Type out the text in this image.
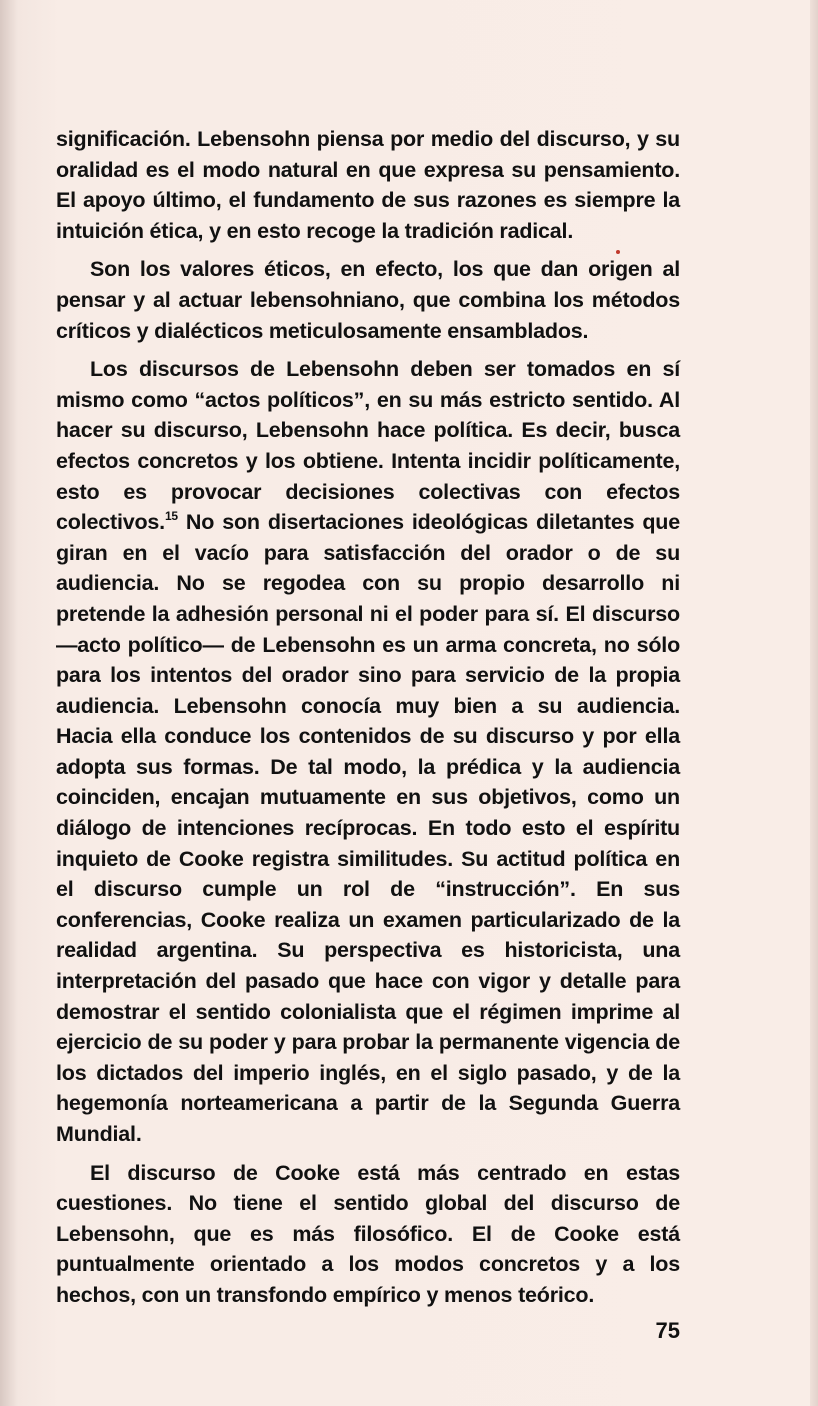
significación. Lebensohn piensa por medio del discurso, y su oralidad es el modo natural en que expresa su pensamiento. El apoyo último, el fundamento de sus razones es siempre la intuición ética, y en esto recoge la tradición radical.

Son los valores éticos, en efecto, los que dan origen al pensar y al actuar lebensohniano, que combina los métodos críticos y dialécticos meticulosamente ensamblados.

Los discursos de Lebensohn deben ser tomados en sí mismo como “actos políticos”, en su más estricto sentido. Al hacer su discurso, Lebensohn hace política. Es decir, busca efectos concretos y los obtiene. Intenta incidir políticamente, esto es provocar decisiones colectivas con efectos colectivos.$^{15}$ No son disertaciones ideológicas diletantes que giran en el vacío para satisfacción del orador o de su audiencia. No se regodea con su propio desarrollo ni pretende la adhesión personal ni el poder para sí. El discurso —acto político— de Lebensohn es un arma concreta, no sólo para los intentos del orador sino para servicio de la propia audiencia. Lebensohn conocía muy bien a su audiencia. Hacia ella conduce los contenidos de su discurso y por ella adopta sus formas. De tal modo, la prédica y la audiencia coinciden, encajan mutuamente en sus objetivos, como un diálogo de intenciones recíprocas. En todo esto el espíritu inquieto de Cooke registra similitudes. Su actitud política en el discurso cumple un rol de “instrucción”. En sus conferencias, Cooke realiza un examen particularizado de la realidad argentina. Su perspectiva es historicista, una interpretación del pasado que hace con vigor y detalle para demostrar el sentido colonialista que el régimen imprime al ejercicio de su poder y para probar la permanente vigencia de los dictados del imperio inglés, en el siglo pasado, y de la hegemonía norteamericana a partir de la Segunda Guerra Mundial.

El discurso de Cooke está más centrado en estas cuestiones. No tiene el sentido global del discurso de Lebensohn, que es más filosófico. El de Cooke está puntualmente orientado a los modos concretos y a los hechos, con un transfondo empírico y menos teórico.

75
